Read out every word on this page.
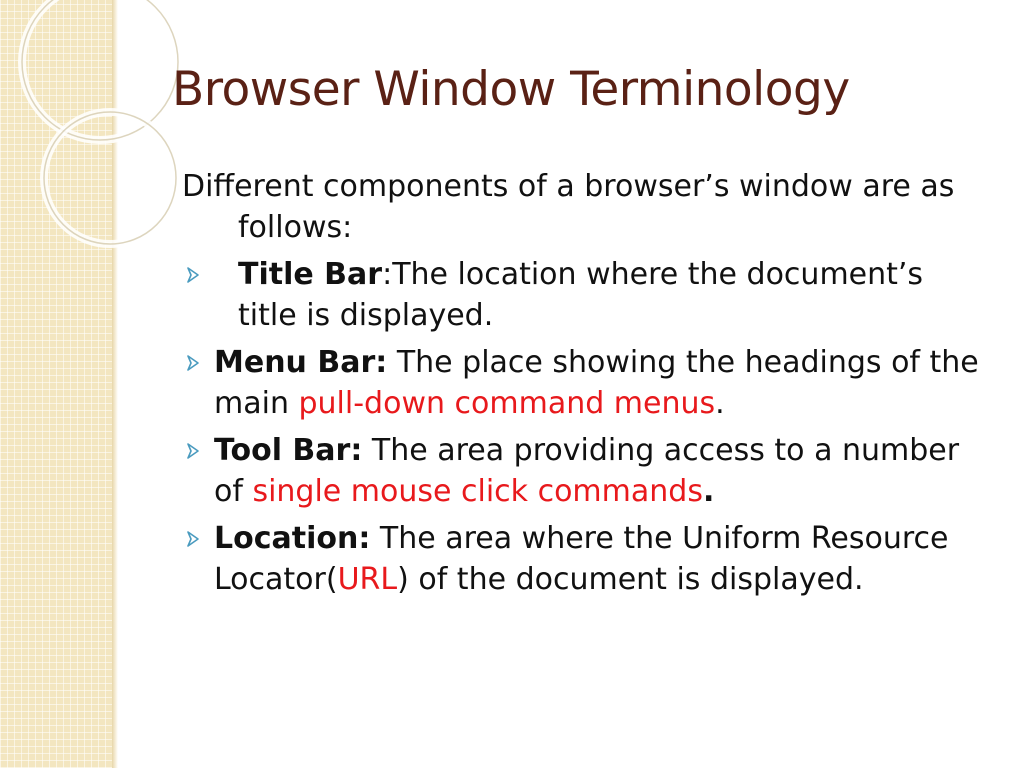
Browser Window Terminology

Different components of a browser’s window are as follows:

Title Bar:The location where the document’s title is displayed.
Menu Bar: The place showing the headings of the main pull-down command menus.
Tool Bar: The area providing access to a number of single mouse click commands.
Location: The area where the Uniform Resource Locator(URL) of the document is displayed.
